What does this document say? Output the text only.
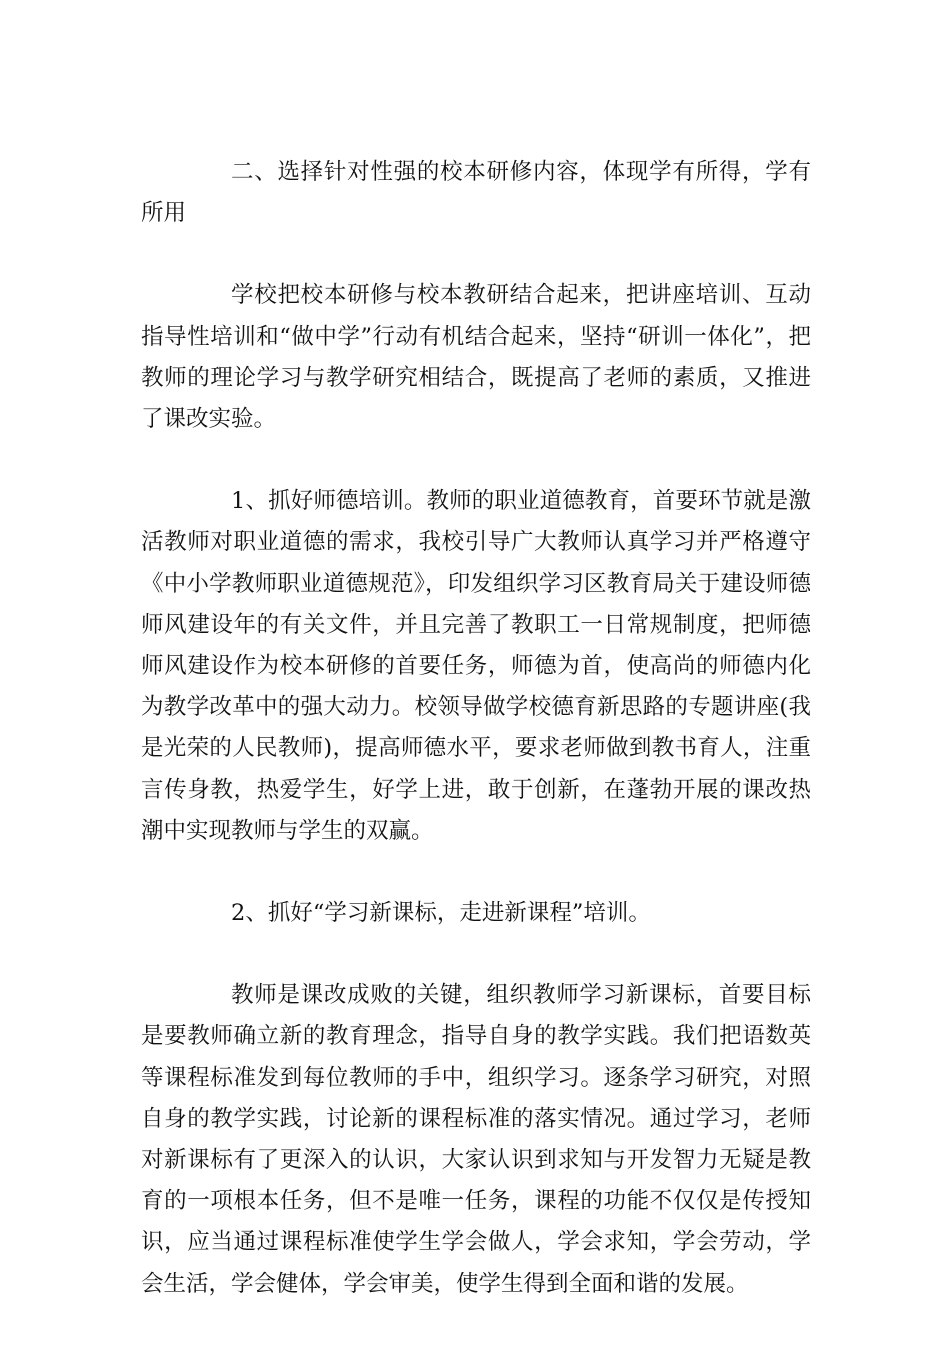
二、选择针对性强的校本研修内容，体现学有所得，学有所用

学校把校本研修与校本教研结合起来，把讲座培训、互动指导性培训和“做中学”行动有机结合起来，坚持“研训一体化”，把教师的理论学习与教学研究相结合，既提高了老师的素质，又推进了课改实验。

1、抓好师德培训。教师的职业道德教育，首要环节就是激活教师对职业道德的需求，我校引导广大教师认真学习并严格遵守《中小学教师职业道德规范》，印发组织学习区教育局关于建设师德师风建设年的有关文件，并且完善了教职工一日常规制度，把师德师风建设作为校本研修的首要任务，师德为首，使高尚的师德内化为教学改革中的强大动力。校领导做学校德育新思路的专题讲座(我是光荣的人民教师)，提高师德水平，要求老师做到教书育人，注重言传身教，热爱学生，好学上进，敢于创新，在蓬勃开展的课改热潮中实现教师与学生的双赢。

2、抓好“学习新课标，走进新课程”培训。

教师是课改成败的关键，组织教师学习新课标，首要目标是要教师确立新的教育理念，指导自身的教学实践。我们把语数英等课程标准发到每位教师的手中，组织学习。逐条学习研究，对照自身的教学实践，讨论新的课程标准的落实情况。通过学习，老师对新课标有了更深入的认识，大家认识到求知与开发智力无疑是教育的一项根本任务，但不是唯一任务，课程的功能不仅仅是传授知识，应当通过课程标准使学生学会做人，学会求知，学会劳动，学会生活，学会健体，学会审美，使学生得到全面和谐的发展。
